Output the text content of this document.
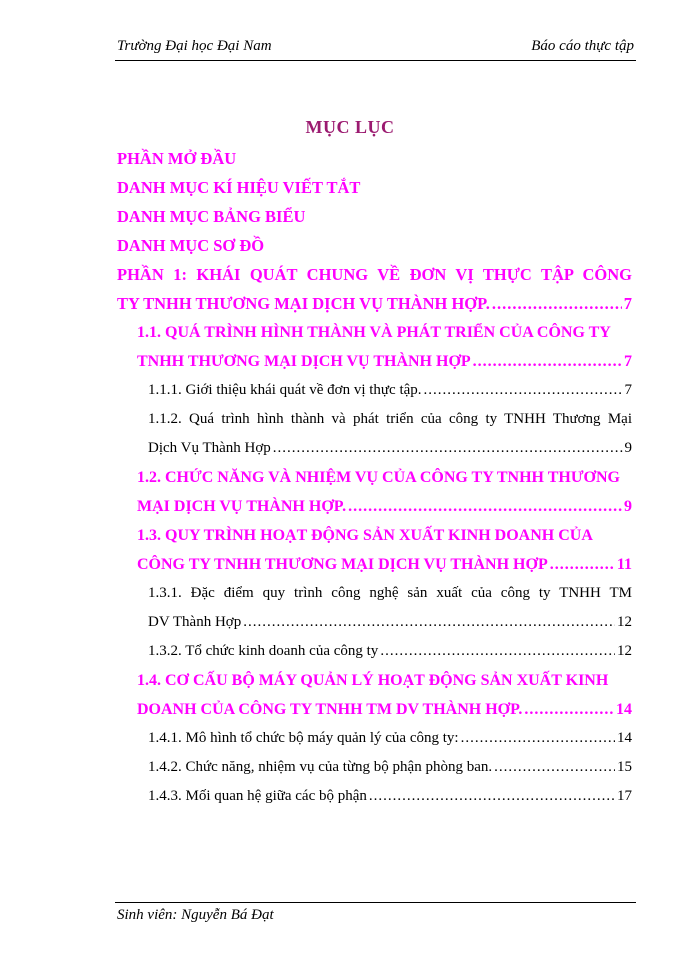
Trường Đại học Đại Nam	Báo cáo thực tập
MỤC LỤC
PHẦN MỞ ĐẦU
DANH MỤC KÍ HIỆU VIẾT TẮT
DANH MỤC BẢNG BIỂU
DANH MỤC SƠ ĐỒ
PHẦN 1: KHÁI QUÁT CHUNG VỀ ĐƠN VỊ THỰC TẬP CÔNG
TY TNHH THƯƠNG MẠI DỊCH VỤ THÀNH HỢP. .....	7
1.1. QUÁ TRÌNH HÌNH THÀNH VÀ PHÁT TRIỂN CỦA CÔNG TY
TNHH THƯƠNG MẠI DỊCH VỤ THÀNH HỢP .....	7
1.1.1. Giới thiệu khái quát về đơn vị thực tập. .....	7
1.1.2. Quá trình hình thành và phát triển của công ty TNHH Thương Mại
Dịch Vụ Thành Hợp .....	9
1.2. CHỨC NĂNG VÀ NHIỆM VỤ CỦA CÔNG TY TNHH THƯƠNG
MẠI DỊCH VỤ THÀNH HỢP. .....	9
1.3. QUY TRÌNH HOẠT ĐỘNG SẢN XUẤT KINH DOANH CỦA
CÔNG TY TNHH THƯƠNG MẠI DỊCH VỤ THÀNH HỢP .....	11
1.3.1. Đặc điểm quy trình công nghệ sản xuất của công ty TNHH TM
DV Thành Hợp .....	12
1.3.2. Tổ chức kinh doanh của công ty .....	12
1.4. CƠ CẤU BỘ MÁY QUẢN LÝ HOẠT ĐỘNG SẢN XUẤT KINH
DOANH CỦA CÔNG TY TNHH TM DV THÀNH HỢP. .....	14
1.4.1. Mô hình tổ chức bộ máy quản lý của công ty: .....	14
1.4.2. Chức năng, nhiệm vụ của từng bộ phận phòng ban. .....	15
1.4.3. Mối quan hệ giữa các bộ phận .....	17
Sinh viên: Nguyễn Bá Đạt
